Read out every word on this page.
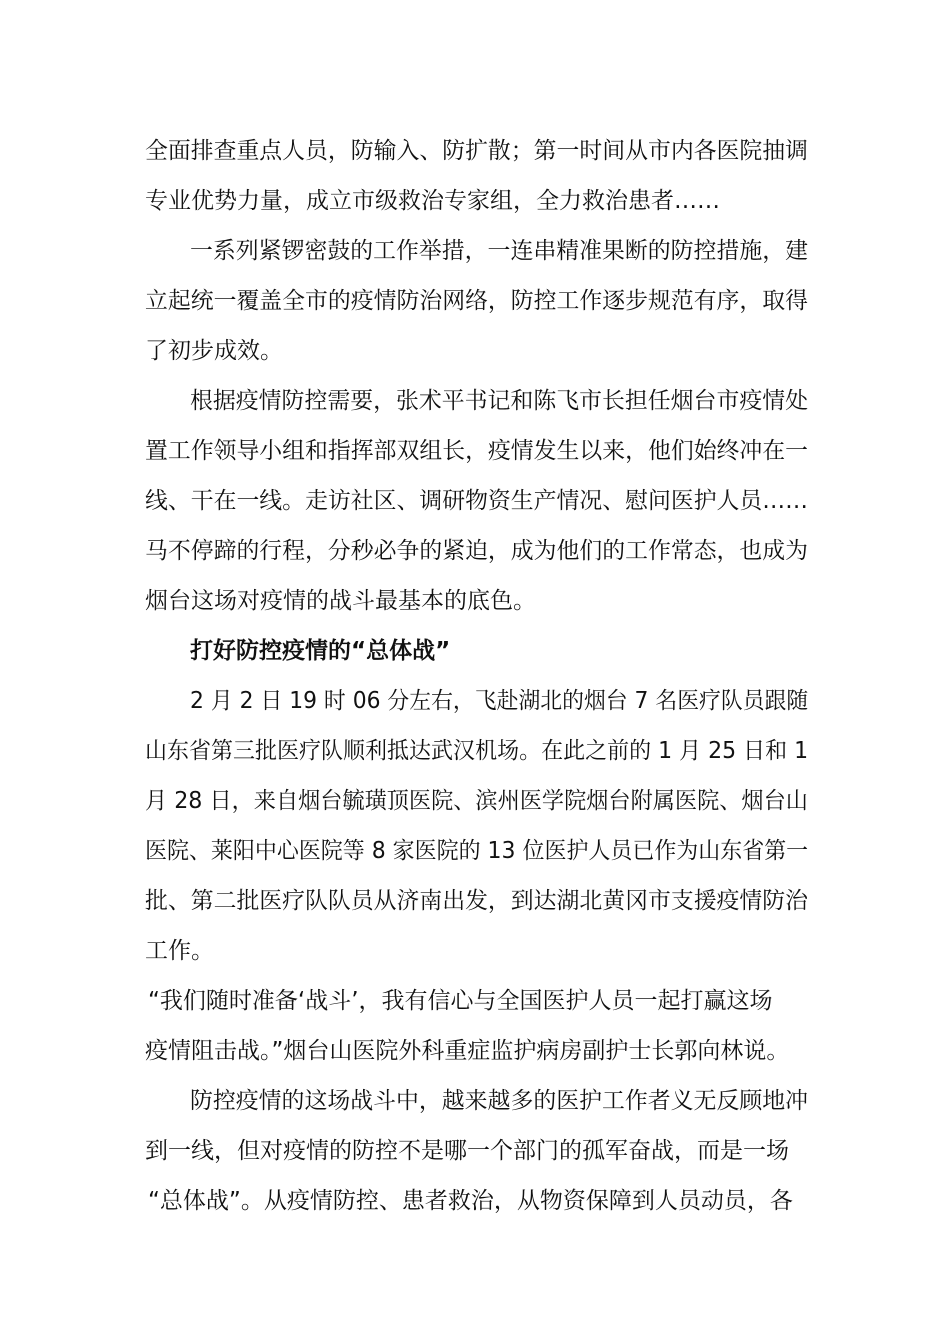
全面排查重点人员，防输入、防扩散；第一时间从市内各医院抽调

专业优势力量，成立市级救治专家组，全力救治患者……

一系列紧锣密鼓的工作举措，一连串精准果断的防控措施，建

立起统一覆盖全市的疫情防治网络，防控工作逐步规范有序，取得

了初步成效。

根据疫情防控需要，张术平书记和陈飞市长担任烟台市疫情处

置工作领导小组和指挥部双组长，疫情发生以来，他们始终冲在一

线、干在一线。走访社区、调研物资生产情况、慰问医护人员……

马不停蹄的行程，分秒必争的紧迫，成为他们的工作常态，也成为

烟台这场对疫情的战斗最基本的底色。

打好防控疫情的“总体战”

2 月 2 日 19 时 06 分左右，飞赴湖北的烟台 7 名医疗队员跟随

山东省第三批医疗队顺利抵达武汉机场。在此之前的 1 月 25 日和 1

月 28 日，来自烟台毓璜顶医院、滨州医学院烟台附属医院、烟台山

医院、莱阳中心医院等 8 家医院的 13 位医护人员已作为山东省第一

批、第二批医疗队队员从济南出发，到达湖北黄冈市支援疫情防治

工作。

“我们随时准备‘战斗’，我有信心与全国医护人员一起打赢这场

疫情阻击战。”烟台山医院外科重症监护病房副护士长郭向林说。

防控疫情的这场战斗中，越来越多的医护工作者义无反顾地冲

到一线，但对疫情的防控不是哪一个部门的孤军奋战，而是一场

“总体战”。从疫情防控、患者救治，从物资保障到人员动员，各
